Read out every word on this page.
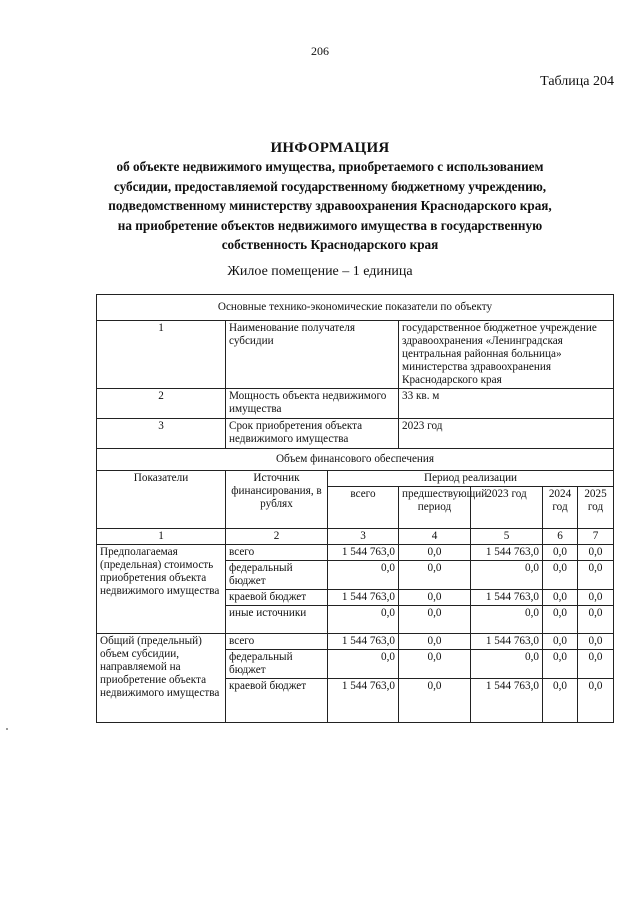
206
Таблица 204
ИНФОРМАЦИЯ
об объекте недвижимого имущества, приобретаемого с использованием
субсидии, предоставляемой государственному бюджетному учреждению,
подведомственному министерству здравоохранения Краснодарского края,
на приобретение объектов недвижимого имущества в государственную
собственность Краснодарского края
Жилое помещение – 1 единица
Основные технико-экономические показатели по объекту						
1	Наименование получателя субсидии		государственное бюджетное учреждение здравоохранения «Ленинградская центральная районная больница» министерства здравоохранения Краснодарского края			
2	Мощность объекта недвижимого имущества		33 кв. м			
3	Срок приобретения объекта недвижимого имущества		2023 год			
Объем финансового обеспечения						
Показатели	Источник финансирования, в рублях	Период реализации				
		всего	предшествующий период	2023 год	2024 год	2025 год
1	2	3	4	5	6	7
Предполагаемая (предельная) стоимость приобретения объекта недвижимого имущества	всего	1 544 763,0	0,0	1 544 763,0	0,0	0,0
	федеральный бюджет	0,0	0,0	0,0	0,0	0,0
	краевой бюджет	1 544 763,0	0,0	1 544 763,0	0,0	0,0
	иные источники	0,0	0,0	0,0	0,0	0,0
Общий (предельный) объем субсидии, направляемой на приобретение объекта недвижимого имущества	всего	1 544 763,0	0,0	1 544 763,0	0,0	0,0
	федеральный бюджет	0,0	0,0	0,0	0,0	0,0
	краевой бюджет	1 544 763,0	0,0	1 544 763,0	0,0	0,0
